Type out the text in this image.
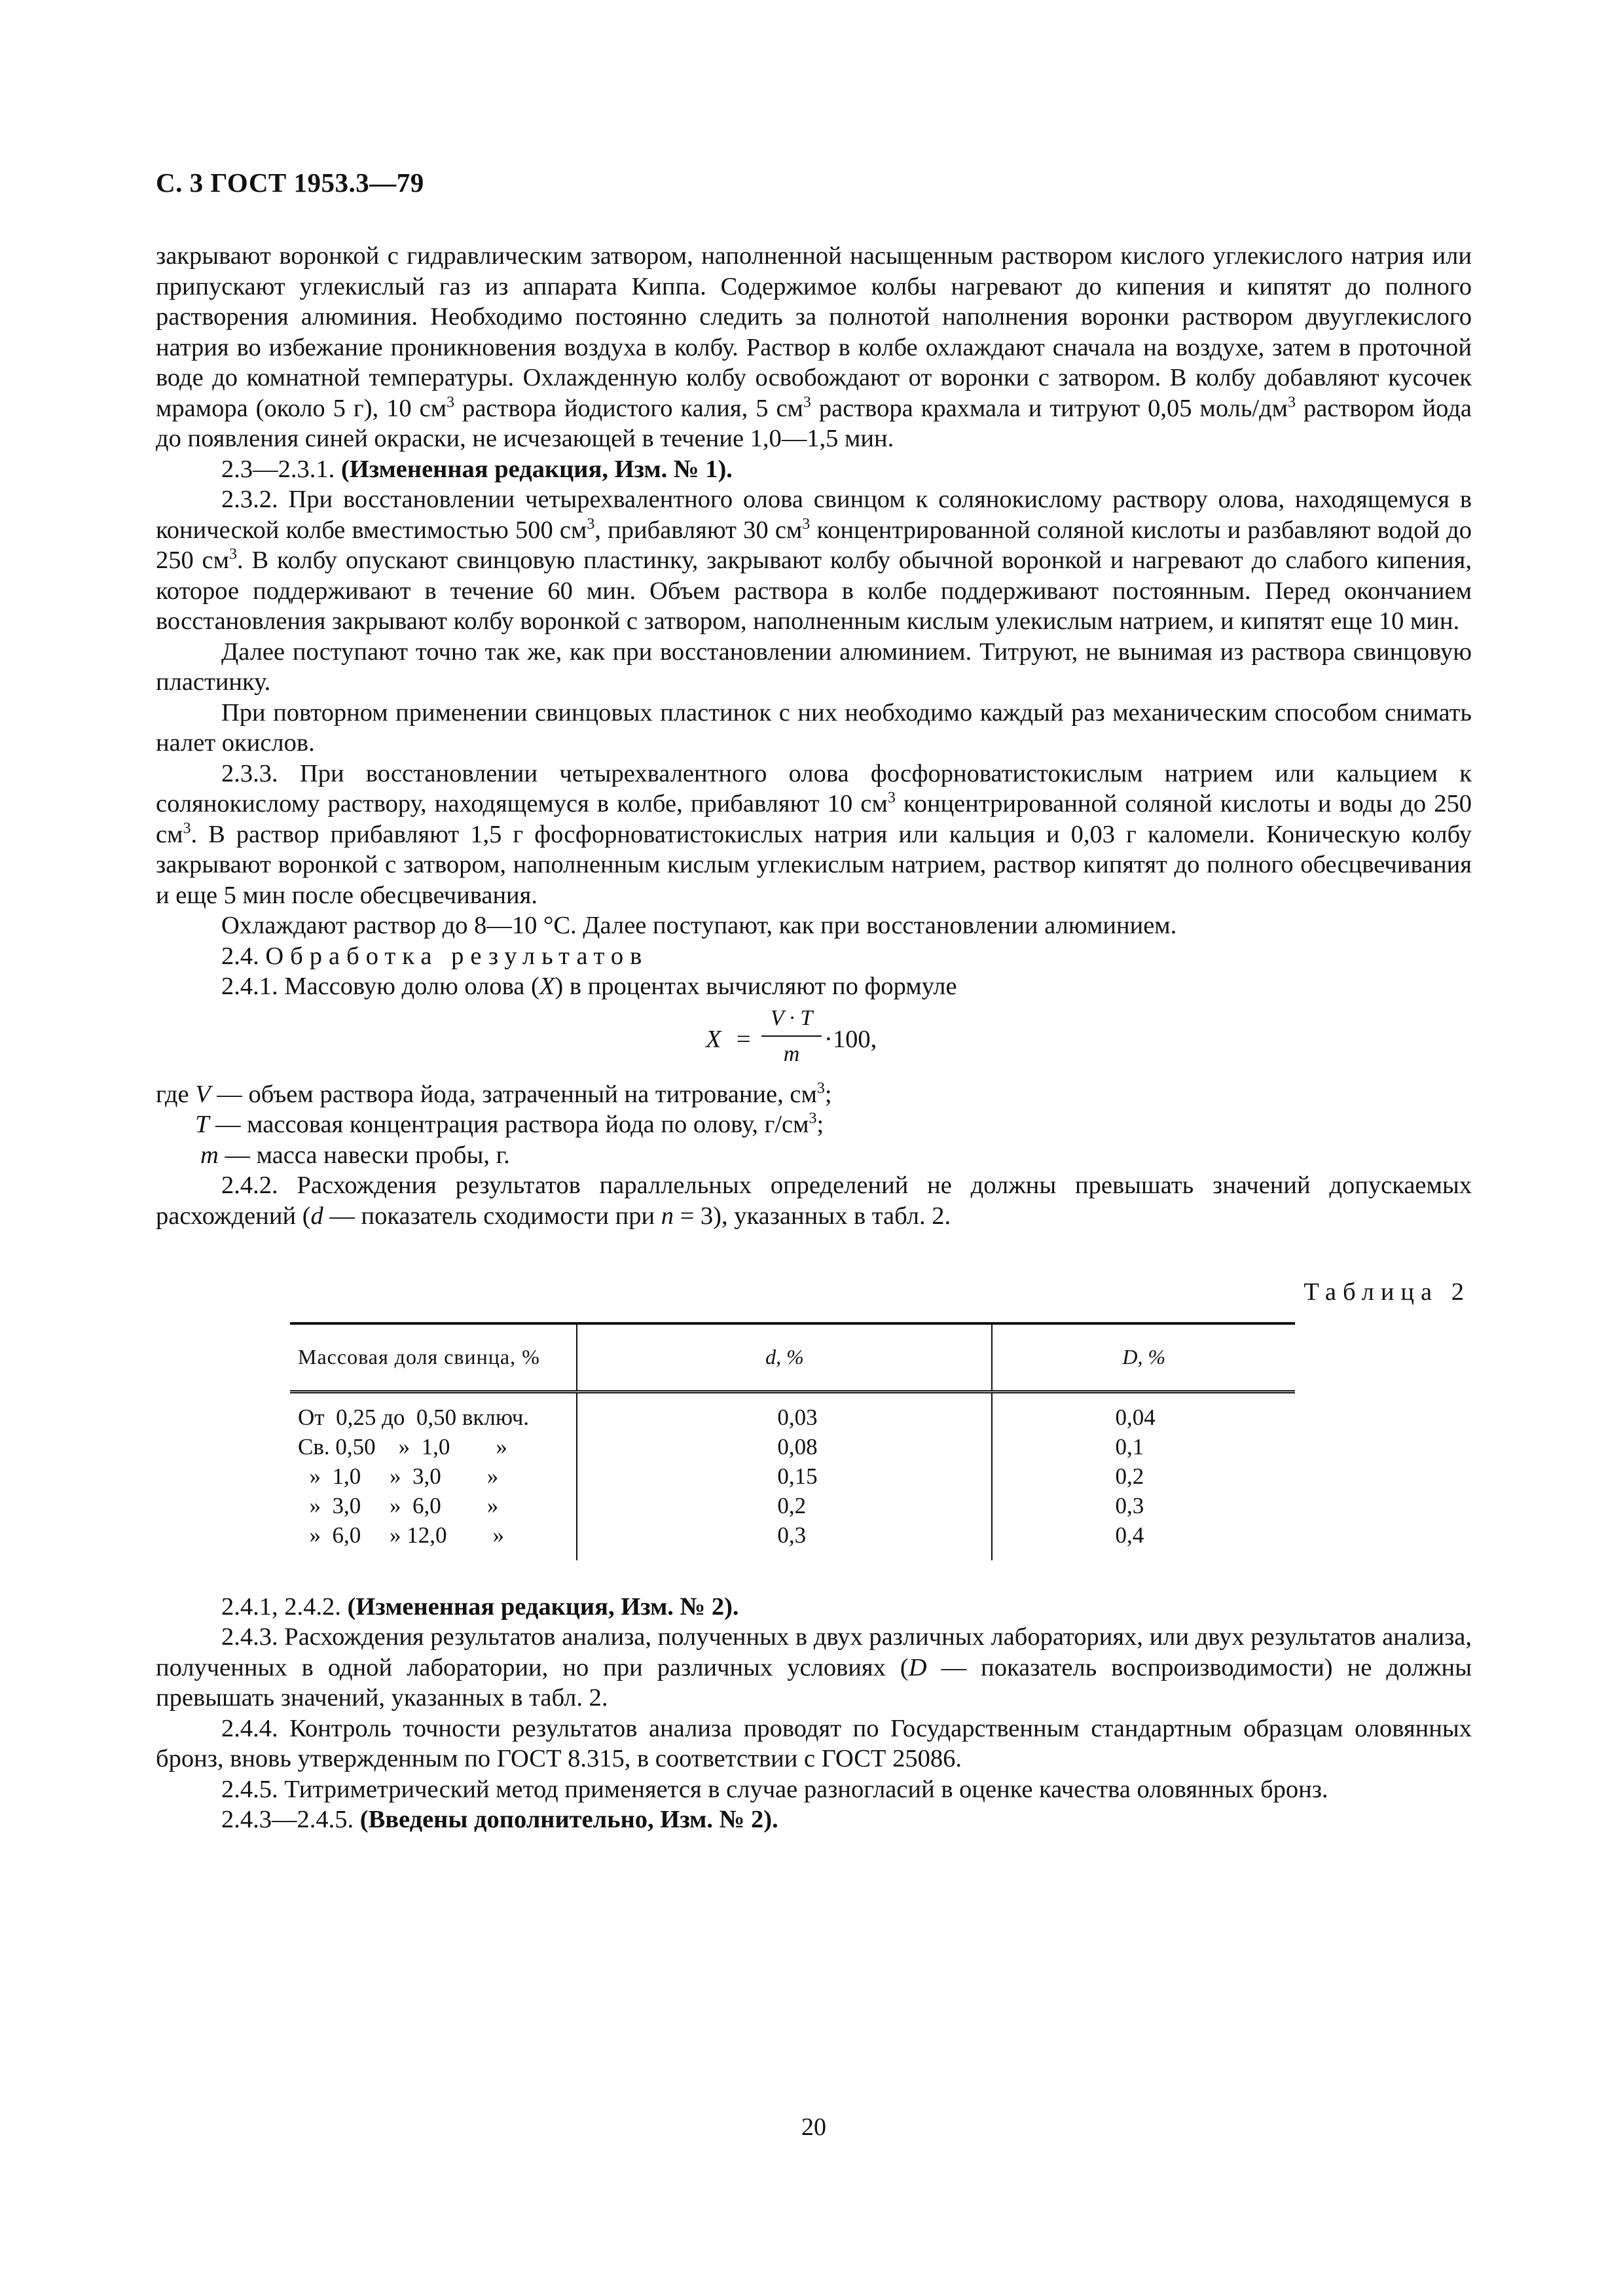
С. 3 ГОСТ 1953.3—79

закрывают воронкой с гидравлическим затвором, наполненной насыщенным раствором кислого углекислого натрия или припускают углекислый газ из аппарата Киппа. Содержимое колбы нагревают до кипения и кипятят до полного растворения алюминия. Необходимо постоянно следить за полнотой наполнения воронки раствором двууглекислого натрия во избежание проникновения воздуха в колбу. Раствор в колбе охлаждают сначала на воздухе, затем в проточной воде до комнатной температуры. Охлажденную колбу освобождают от воронки с затвором. В колбу добавляют кусочек мрамора (около 5 г), 10 $см^3$ раствора йодистого калия, 5 $см^3$ раствора крахмала и титруют 0,05 моль/$дм^3$ раствором йода до появления синей окраски, не исчезающей в течение 1,0—1,5 мин.

2.3—2.3.1. (Измененная редакция, Изм. № 1).

2.3.2. При восстановлении четырехвалентного олова свинцом к солянокислому раствору олова, находящемуся в конической колбе вместимостью 500 $см^3$, прибавляют 30 $см^3$ концентрированной соляной кислоты и разбавляют водой до 250 $см^3$. В колбу опускают свинцовую пластинку, закрывают колбу обычной воронкой и нагревают до слабого кипения, которое поддерживают в течение 60 мин. Объем раствора в колбе поддерживают постоянным. Перед окончанием восстановления закрывают колбу воронкой с затвором, наполненным кислым улекислым натрием, и кипятят еще 10 мин.

Далее поступают точно так же, как при восстановлении алюминием. Титруют, не вынимая из раствора свинцовую пластинку.

При повторном применении свинцовых пластинок с них необходимо каждый раз механическим способом снимать налет окислов.

2.3.3. При восстановлении четырехвалентного олова фосфорноватистокислым натрием или кальцием к солянокислому раствору, находящемуся в колбе, прибавляют 10 $см^3$ концентрированной соляной кислоты и воды до 250 $см^3$. В раствор прибавляют 1,5 г фосфорноватистокислых натрия или кальция и 0,03 г каломели. Коническую колбу закрывают воронкой с затвором, наполненным кислым углекислым натрием, раствор кипятят до полного обесцвечивания и еще 5 мин после обесцвечивания.

Охлаждают раствор до 8—10 °С. Далее поступают, как при восстановлении алюминием.

2.4. Обработка результатов

2.4.1. Массовую долю олова (X) в процентах вычисляют по формуле

X =
V · T
m
·100,

где V — объем раствора йода, затраченный на титрование, $см^3$;

T — массовая концентрация раствора йода по олову, $г/см^3$;

m — масса навески пробы, г.

2.4.2. Расхождения результатов параллельных определений не должны превышать значений допускаемых расхождений (d — показатель сходимости при n = 3), указанных в табл. 2.

Таблица 2
Массовая доля свинца, %	d, %	D, %
От  0,25 до  0,50 включ.	0,03	0,04
Св. 0,50    »  1,0        »	0,08	0,1
»  1,0     »  3,0        »	0,15	0,2
»  3,0     »  6,0        »	0,2	0,3
»  6,0     » 12,0        »	0,3	0,4

2.4.1, 2.4.2. (Измененная редакция, Изм. № 2).

2.4.3. Расхождения результатов анализа, полученных в двух различных лабораториях, или двух результатов анализа, полученных в одной лаборатории, но при различных условиях (D — показатель воспроизводимости) не должны превышать значений, указанных в табл. 2.

2.4.4. Контроль точности результатов анализа проводят по Государственным стандартным образцам оловянных бронз, вновь утвержденным по ГОСТ 8.315, в соответствии с ГОСТ 25086.

2.4.5. Титриметрический метод применяется в случае разногласий в оценке качества оловянных бронз.

2.4.3—2.4.5. (Введены дополнительно, Изм. № 2).

20
